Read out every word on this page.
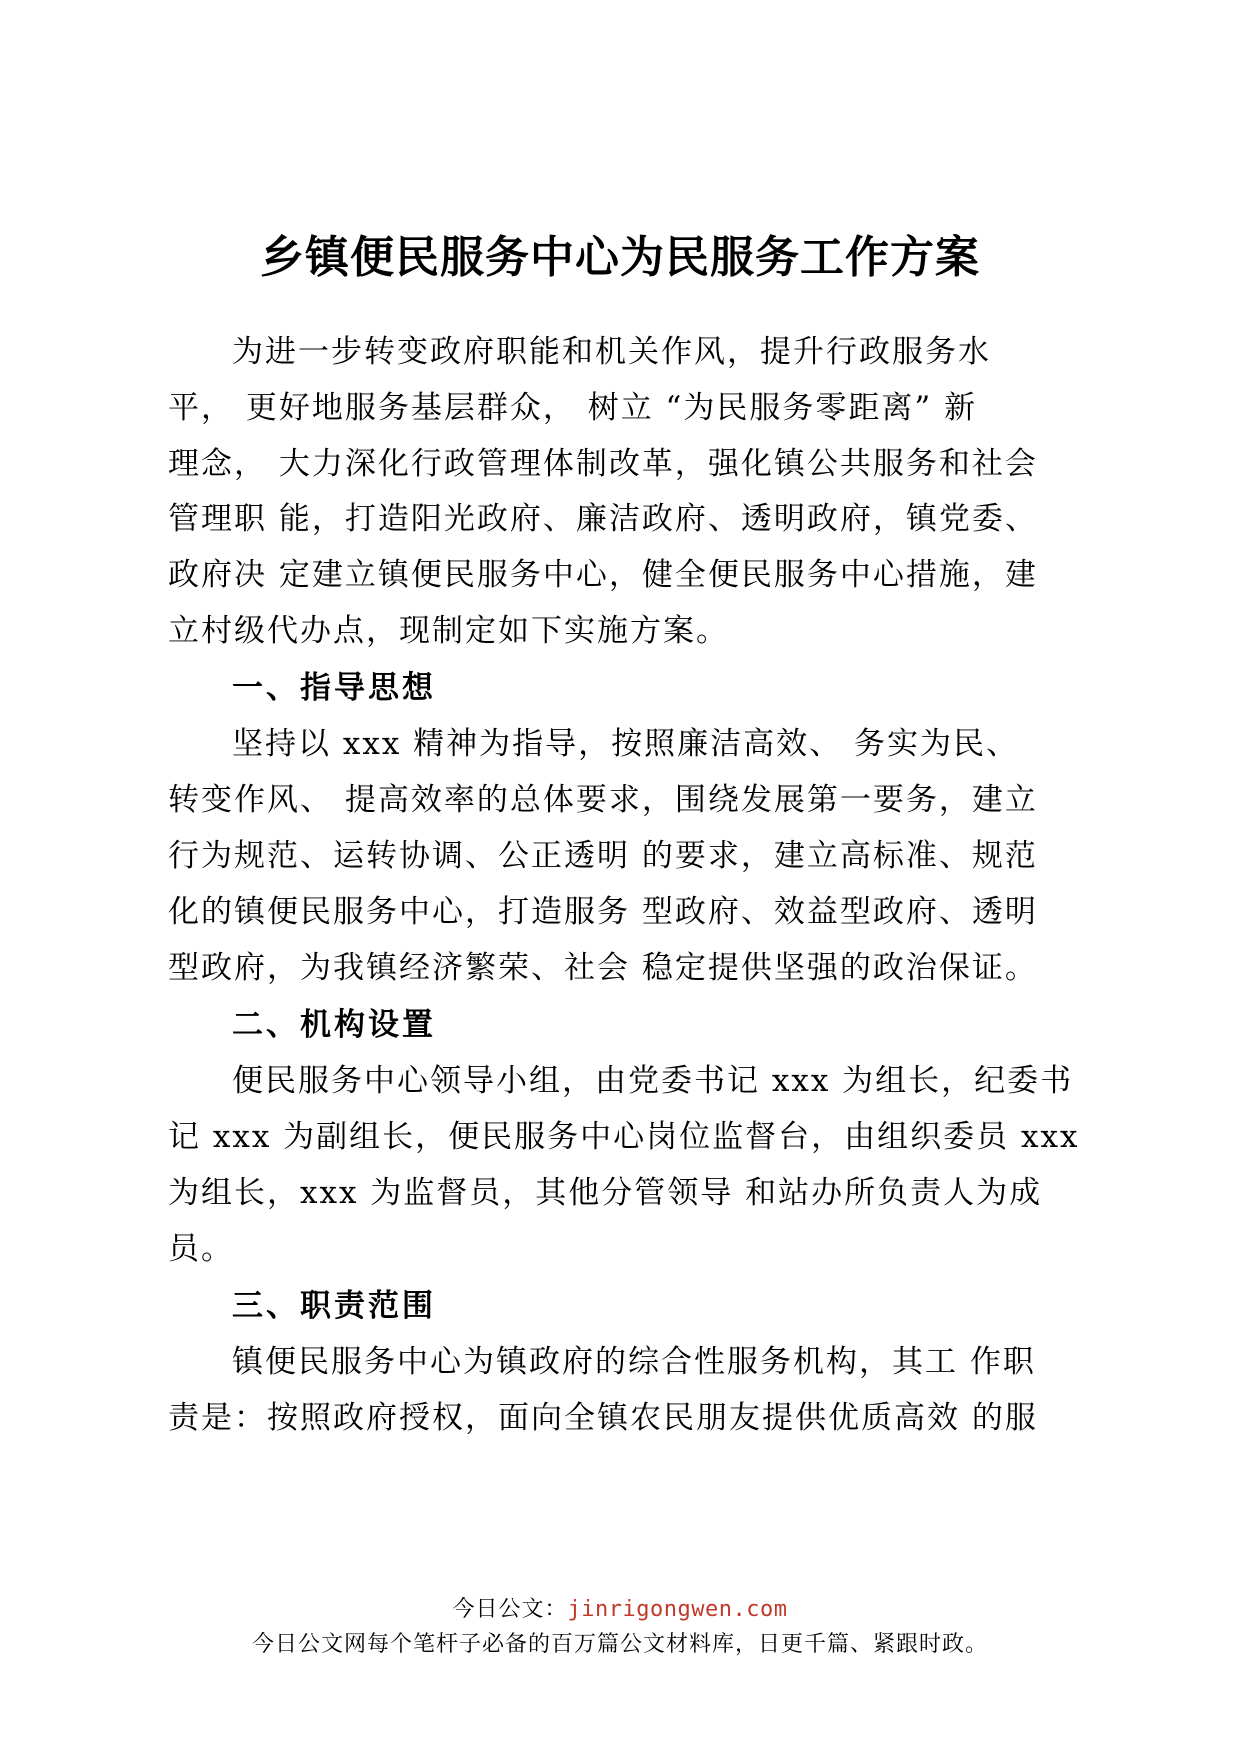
乡镇便民服务中心为民服务工作方案
为进一步转变政府职能和机关作风，提升行政服务水
平， 更好地服务基层群众， 树立 “为民服务零距离” 新
理念， 大力深化行政管理体制改革，强化镇公共服务和社会
管理职 能，打造阳光政府、廉洁政府、透明政府，镇党委、
政府决 定建立镇便民服务中心，健全便民服务中心措施，建
立村级代办点，现制定如下实施方案。
一、指导思想
坚持以 xxx 精神为指导，按照廉洁高效、 务实为民、
转变作风、 提高效率的总体要求，围绕发展第一要务，建立
行为规范、运转协调、公正透明 的要求，建立高标准、规范
化的镇便民服务中心，打造服务 型政府、效益型政府、透明
型政府，为我镇经济繁荣、社会 稳定提供坚强的政治保证。
二、机构设置
便民服务中心领导小组，由党委书记 xxx 为组长，纪委书
记 xxx 为副组长，便民服务中心岗位监督台，由组织委员 xxx
为组长，xxx 为监督员，其他分管领导 和站办所负责人为成
员。
三、职责范围
镇便民服务中心为镇政府的综合性服务机构，其工 作职
责是：按照政府授权，面向全镇农民朋友提供优质高效 的服
今日公文：jinrigongwen.com
今日公文网每个笔杆子必备的百万篇公文材料库，日更千篇、紧跟时政。
